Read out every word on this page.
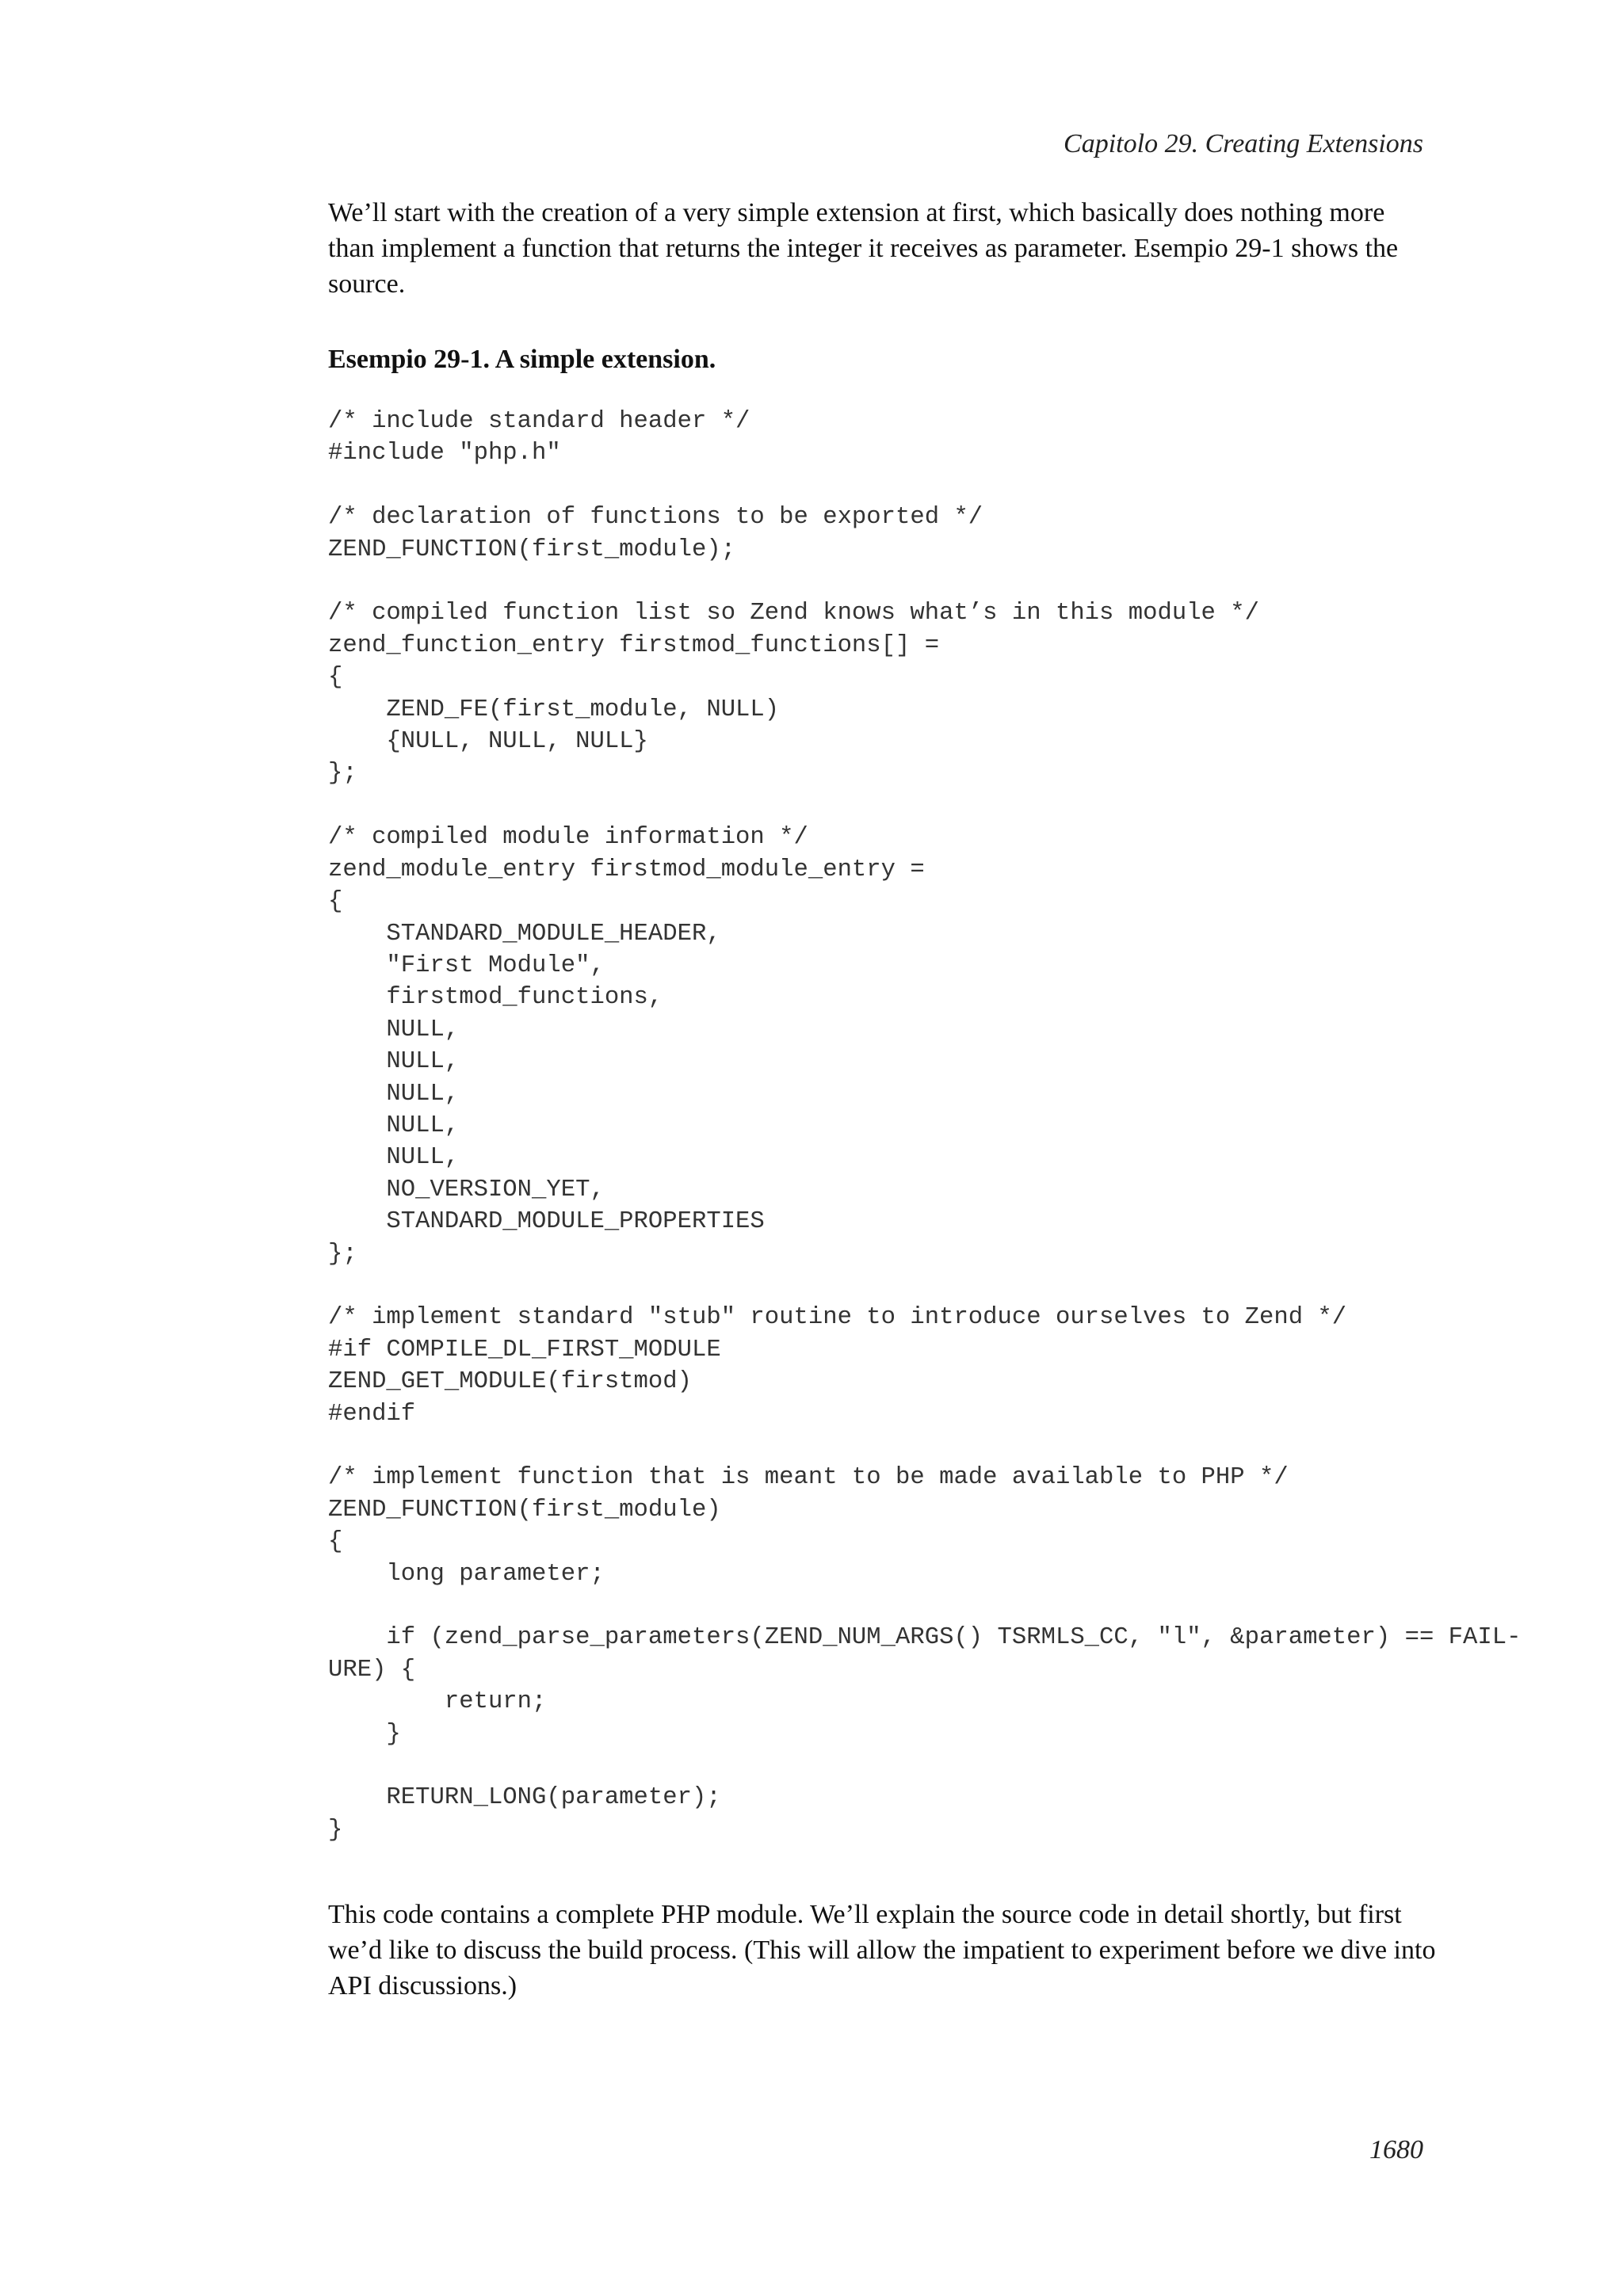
Capitolo 29. Creating Extensions

We’ll start with the creation of a very simple extension at first, which basically does nothing more than implement a function that returns the integer it receives as parameter. Esempio 29-1 shows the source.

Esempio 29-1. A simple extension.

/* include standard header */
#include "php.h"

/* declaration of functions to be exported */
ZEND_FUNCTION(first_module);

/* compiled function list so Zend knows what’s in this module */
zend_function_entry firstmod_functions[] =
{
ZEND_FE(first_module, NULL)
{NULL, NULL, NULL}
};

/* compiled module information */
zend_module_entry firstmod_module_entry =
{
STANDARD_MODULE_HEADER,
"First Module",
firstmod_functions,
NULL,
NULL,
NULL,
NULL,
NULL,
NO_VERSION_YET,
STANDARD_MODULE_PROPERTIES
};

/* implement standard "stub" routine to introduce ourselves to Zend */
#if COMPILE_DL_FIRST_MODULE
ZEND_GET_MODULE(firstmod)
#endif

/* implement function that is meant to be made available to PHP */
ZEND_FUNCTION(first_module)
{
long parameter;

if (zend_parse_parameters(ZEND_NUM_ARGS() TSRMLS_CC, "l", &parameter) == FAIL-
URE) {
return;
}

RETURN_LONG(parameter);
}

This code contains a complete PHP module. We’ll explain the source code in detail shortly, but first we’d like to discuss the build process. (This will allow the impatient to experiment before we dive into API discussions.)

1680
